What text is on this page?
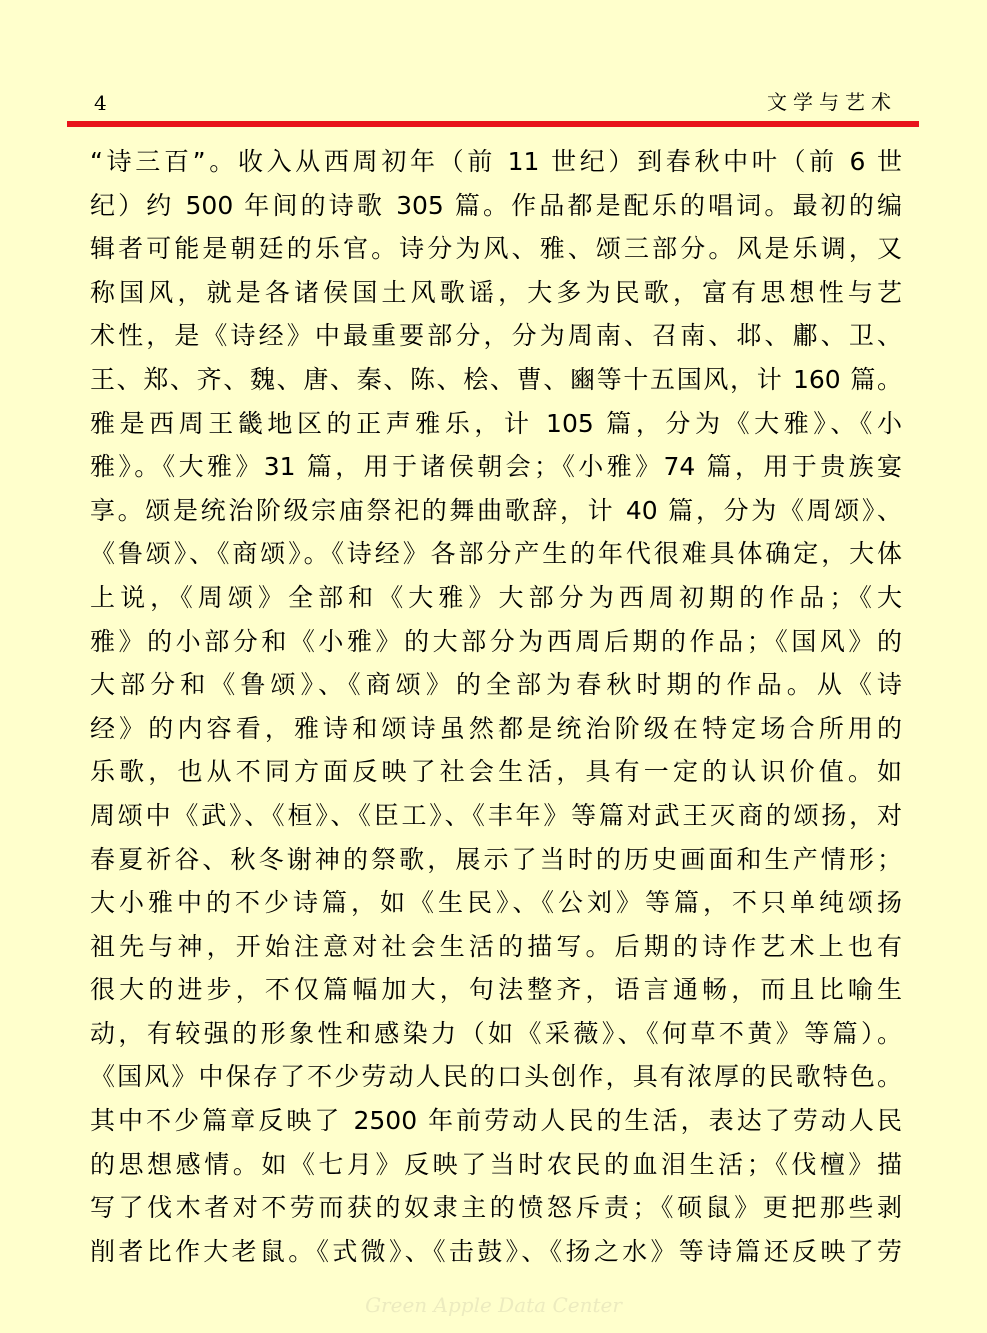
4	文学与艺术
“诗三百”。收入从西周初年（前 11 世纪）到春秋中叶（前 6 世
纪）约 500 年间的诗歌 305 篇。作品都是配乐的唱词。最初的编
辑者可能是朝廷的乐官。诗分为风、雅、颂三部分。风是乐调，又
称国风，就是各诸侯国土风歌谣，大多为民歌，富有思想性与艺
术性，是《诗经》中最重要部分，分为周南、召南、邶、鄘、卫、
王、郑、齐、魏、唐、秦、陈、桧、曹、豳等十五国风，计 160 篇。
雅是西周王畿地区的正声雅乐，计 105 篇，分为《大雅》、《小
雅》。《大雅》31 篇，用于诸侯朝会；《小雅》74 篇，用于贵族宴
享。颂是统治阶级宗庙祭祀的舞曲歌辞，计 40 篇，分为《周颂》、
《鲁颂》、《商颂》。《诗经》各部分产生的年代很难具体确定，大体
上说，《周颂》全部和《大雅》大部分为西周初期的作品；《大
雅》的小部分和《小雅》的大部分为西周后期的作品；《国风》的
大部分和《鲁颂》、《商颂》的全部为春秋时期的作品。从《诗
经》的内容看，雅诗和颂诗虽然都是统治阶级在特定场合所用的
乐歌，也从不同方面反映了社会生活，具有一定的认识价值。如
周颂中《武》、《桓》、《臣工》、《丰年》等篇对武王灭商的颂扬，对
春夏祈谷、秋冬谢神的祭歌，展示了当时的历史画面和生产情形；
大小雅中的不少诗篇，如《生民》、《公刘》等篇，不只单纯颂扬
祖先与神，开始注意对社会生活的描写。后期的诗作艺术上也有
很大的进步，不仅篇幅加大，句法整齐，语言通畅，而且比喻生
动，有较强的形象性和感染力（如《采薇》、《何草不黄》等篇）。
《国风》中保存了不少劳动人民的口头创作，具有浓厚的民歌特色。
其中不少篇章反映了 2500 年前劳动人民的生活，表达了劳动人民
的思想感情。如《七月》反映了当时农民的血泪生活；《伐檀》描
写了伐木者对不劳而获的奴隶主的愤怒斥责；《硕鼠》更把那些剥
削者比作大老鼠。《式微》、《击鼓》、《扬之水》等诗篇还反映了劳
Green Apple Data Center
